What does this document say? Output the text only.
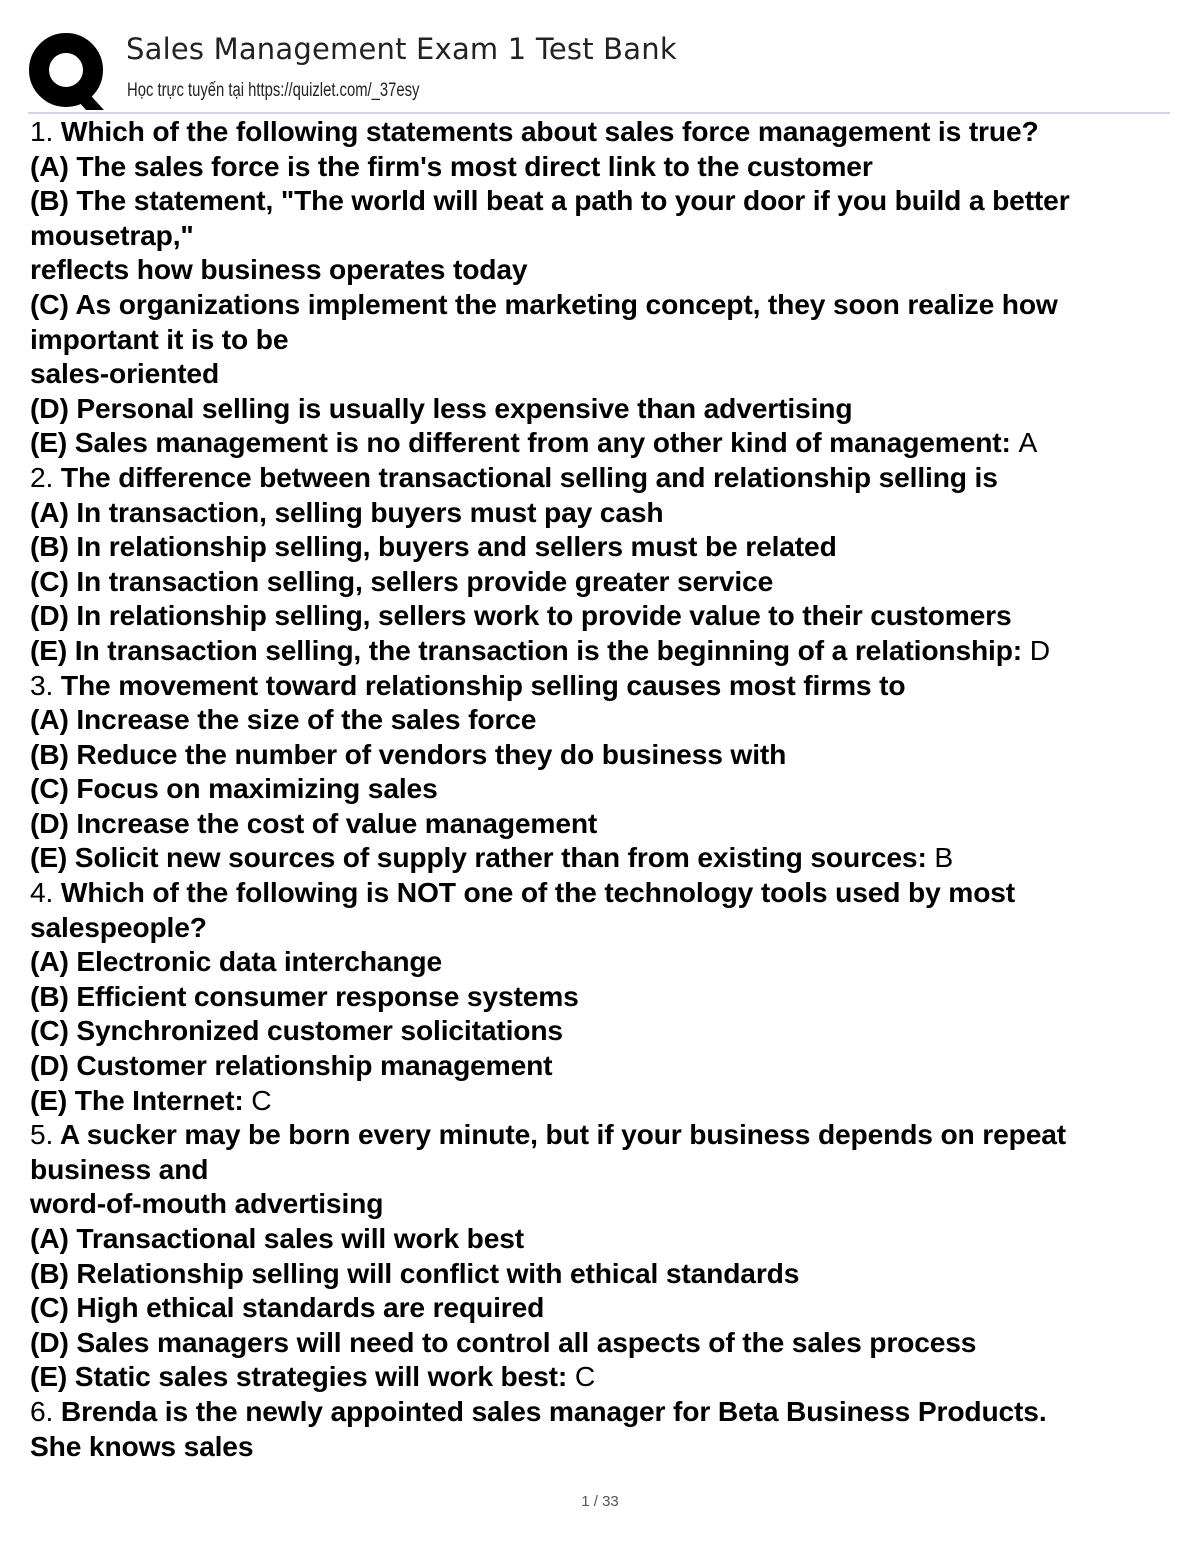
Sales Management Exam 1 Test Bank
Học trực tuyến tại https://quizlet.com/_37esy
1. Which of the following statements about sales force management is true?
(A) The sales force is the firm's most direct link to the customer
(B) The statement, "The world will beat a path to your door if you build a better
mousetrap,"
reflects how business operates today
(C) As organizations implement the marketing concept, they soon realize how
important it is to be
sales-oriented
(D) Personal selling is usually less expensive than advertising
(E) Sales management is no different from any other kind of management: A
2. The difference between transactional selling and relationship selling is
(A) In transaction, selling buyers must pay cash
(B) In relationship selling, buyers and sellers must be related
(C) In transaction selling, sellers provide greater service
(D) In relationship selling, sellers work to provide value to their customers
(E) In transaction selling, the transaction is the beginning of a relationship: D
3. The movement toward relationship selling causes most firms to
(A) Increase the size of the sales force
(B) Reduce the number of vendors they do business with
(C) Focus on maximizing sales
(D) Increase the cost of value management
(E) Solicit new sources of supply rather than from existing sources: B
4. Which of the following is NOT one of the technology tools used by most
salespeople?
(A) Electronic data interchange
(B) Efficient consumer response systems
(C) Synchronized customer solicitations
(D) Customer relationship management
(E) The Internet: C
5. A sucker may be born every minute, but if your business depends on repeat
business and
word-of-mouth advertising
(A) Transactional sales will work best
(B) Relationship selling will conflict with ethical standards
(C) High ethical standards are required
(D) Sales managers will need to control all aspects of the sales process
(E) Static sales strategies will work best: C
6. Brenda is the newly appointed sales manager for Beta Business Products.
She knows sales
1 / 33
